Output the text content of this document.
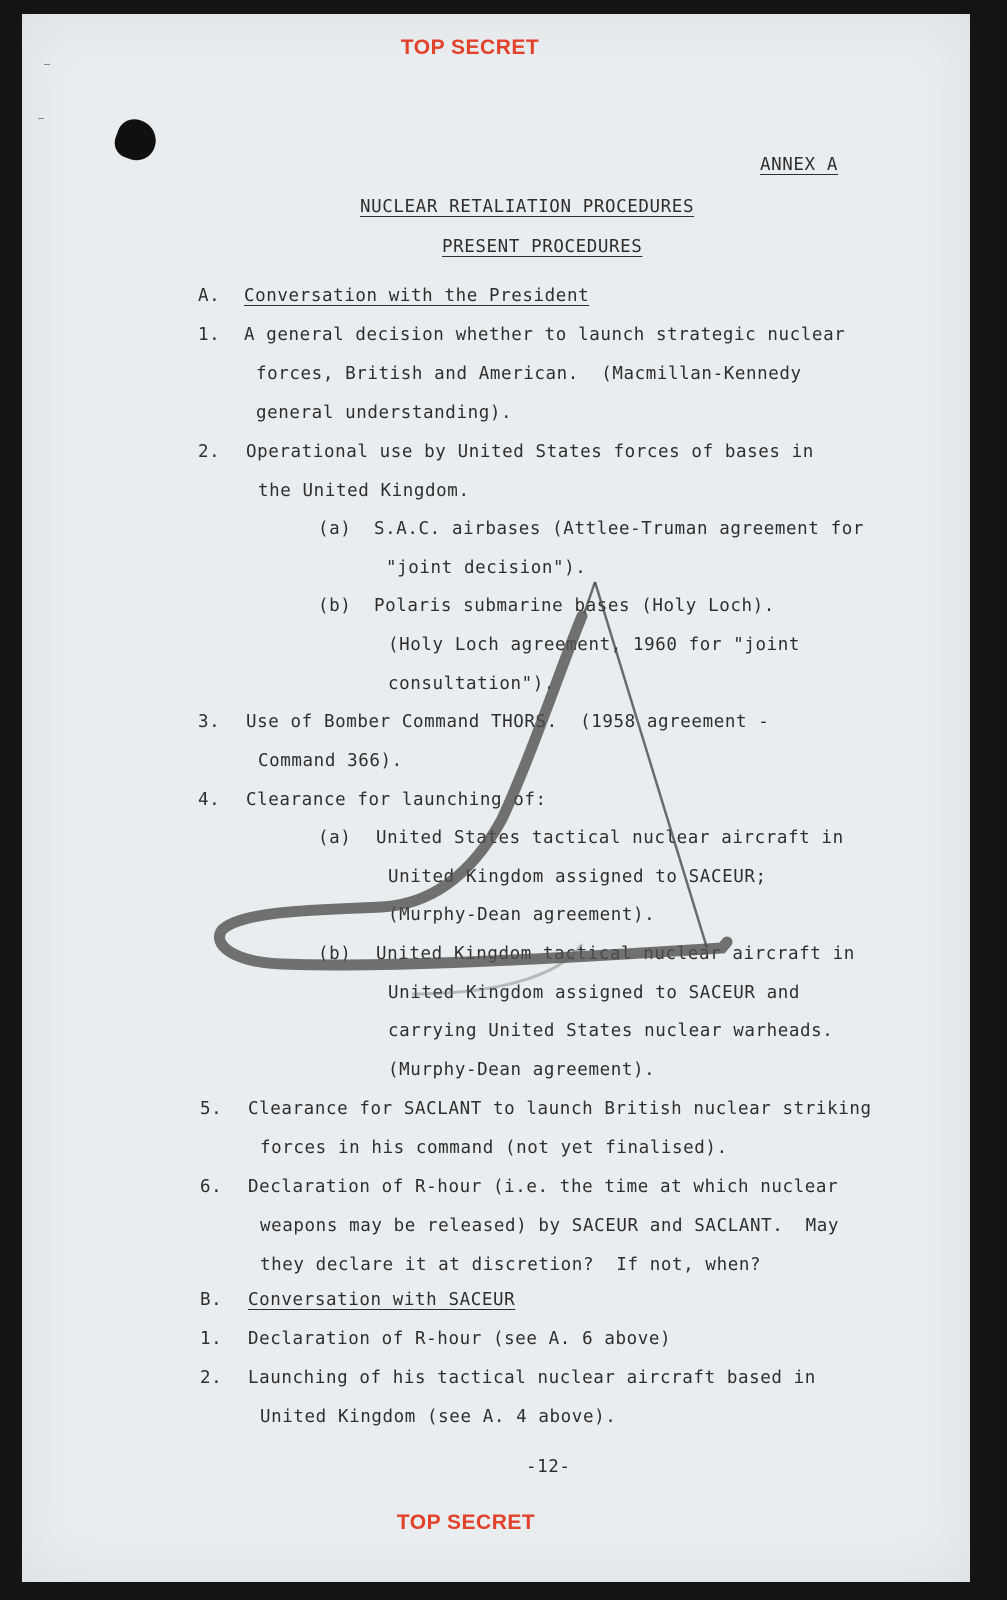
TOP SECRET
ANNEX A
NUCLEAR RETALIATION PROCEDURES
PRESENT PROCEDURES
A. Conversation with the President
1. A general decision whether to launch strategic nuclear
forces, British and American.  (Macmillan-Kennedy
general understanding).
2. Operational use by United States forces of bases in
the United Kingdom.
(a) S.A.C. airbases (Attlee-Truman agreement for
"joint decision").
(b) Polaris submarine bases (Holy Loch).
(Holy Loch agreement, 1960 for "joint
consultation").
3. Use of Bomber Command THORS.  (1958 agreement -
Command 366).
4. Clearance for launching of:
(a) United States tactical nuclear aircraft in
United Kingdom assigned to SACEUR;
(Murphy-Dean agreement).
(b) United Kingdom tactical nuclear aircraft in
United Kingdom assigned to SACEUR and
carrying United States nuclear warheads.
(Murphy-Dean agreement).
5. Clearance for SACLANT to launch British nuclear striking
forces in his command (not yet finalised).
6. Declaration of R-hour (i.e. the time at which nuclear
weapons may be released) by SACEUR and SACLANT.  May
they declare it at discretion?  If not, when?
B. Conversation with SACEUR
1. Declaration of R-hour (see A. 6 above)
2. Launching of his tactical nuclear aircraft based in
United Kingdom (see A. 4 above).
-12-
TOP SECRET
